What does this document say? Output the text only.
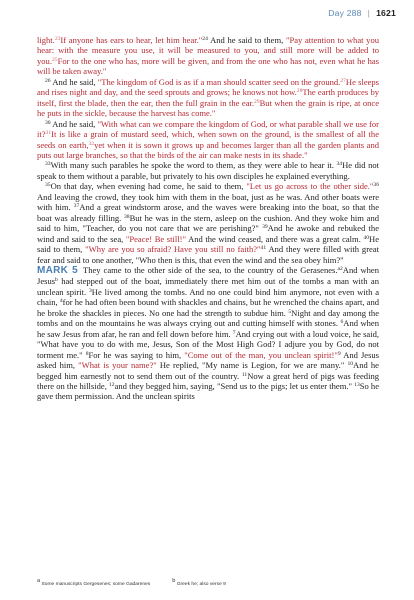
Day 288 | 1621

light.$^{23}$If anyone has ears to hear, let him hear."$^{24}$ And he said to them, "Pay attention to what you hear: with the measure you use, it will be measured to you, and still more will be added to you.$^{25}$For to the one who has, more will be given, and from the one who has not, even what he has will be taken away."

$^{26}$ And he said, "The kingdom of God is as if a man should scatter seed on the ground.$^{27}$He sleeps and rises night and day, and the seed sprouts and grows; he knows not how.$^{28}$The earth produces by itself, first the blade, then the ear, then the full grain in the ear.$^{29}$But when the grain is ripe, at once he puts in the sickle, because the harvest has come."

$^{30}$ And he said, "With what can we compare the kingdom of God, or what parable shall we use for it?$^{31}$It is like a grain of mustard seed, which, when sown on the ground, is the smallest of all the seeds on earth,$^{32}$yet when it is sown it grows up and becomes larger than all the garden plants and puts out large branches, so that the birds of the air can make nests in its shade."

$^{33}$With many such parables he spoke the word to them, as they were able to hear it. $^{34}$He did not speak to them without a parable, but privately to his own disciples he explained everything.

$^{35}$On that day, when evening had come, he said to them, "Let us go across to the other side."$^{36}$ And leaving the crowd, they took him with them in the boat, just as he was. And other boats were with him. $^{37}$And a great windstorm arose, and the waves were breaking into the boat, so that the boat was already filling. $^{38}$But he was in the stern, asleep on the cushion. And they woke him and said to him, "Teacher, do you not care that we are perishing?" $^{39}$And he awoke and rebuked the wind and said to the sea, "Peace! Be still!" And the wind ceased, and there was a great calm. $^{40}$He said to them, "Why are you so afraid? Have you still no faith?"$^{41}$ And they were filled with great fear and said to one another, "Who then is this, that even the wind and the sea obey him?"

MARK 5 They came to the other side of the sea, to the country of the Gerasenes.$^{a2}$And when Jesus$^b$ had stepped out of the boat, immediately there met him out of the tombs a man with an unclean spirit. $^3$He lived among the tombs. And no one could bind him anymore, not even with a chain, $^4$for he had often been bound with shackles and chains, but he wrenched the chains apart, and he broke the shackles in pieces. No one had the strength to subdue him. $^5$Night and day among the tombs and on the mountains he was always crying out and cutting himself with stones. $^6$And when he saw Jesus from afar, he ran and fell down before him. $^7$And crying out with a loud voice, he said, "What have you to do with me, Jesus, Son of the Most High God? I adjure you by God, do not torment me." $^8$For he was saying to him, "Come out of the man, you unclean spirit!"$^9$ And Jesus asked him, "What is your name?" He replied, "My name is Legion, for we are many." $^{10}$And he begged him earnestly not to send them out of the country. $^{11}$Now a great herd of pigs was feeding there on the hillside, $^{12}$and they begged him, saying, "Send us to the pigs; let us enter them." $^{13}$So he gave them permission. And the unclean spirits

a Some manuscripts Gergesenes; some Gadarenes
b Greek he; also verse 9
